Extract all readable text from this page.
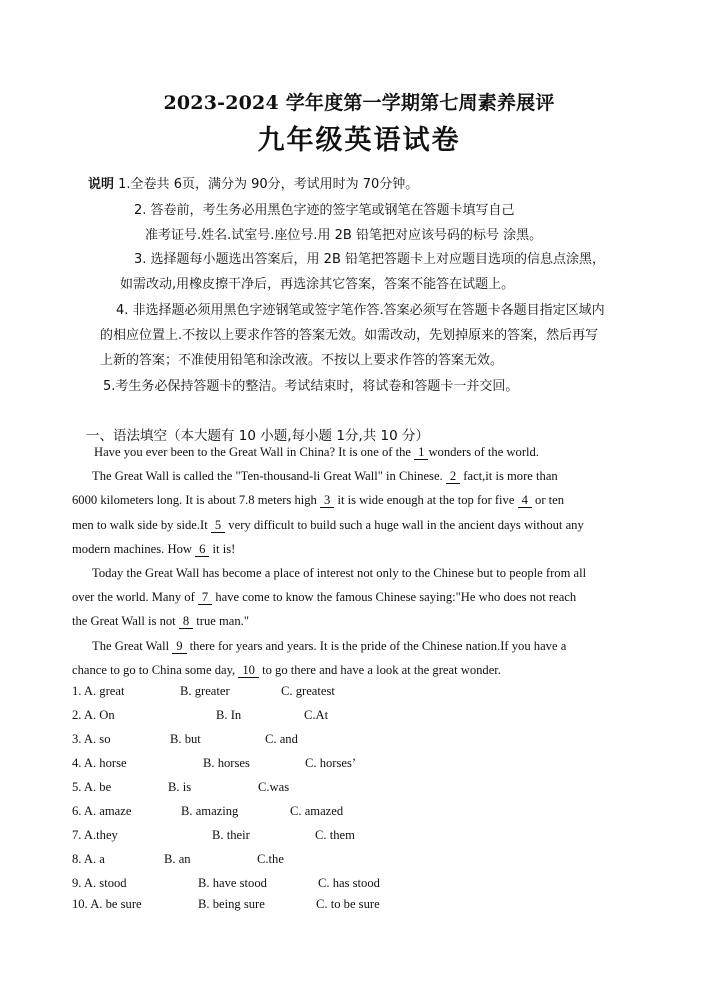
2023-2024 学年度第一学期第七周素养展评
九年级英语试卷
说明 1.全卷共 6页，满分为 90分，考试用时为 70分钟。
2. 答卷前，考生务必用黑色字迹的签字笔或钢笔在答题卡填写自己
准考证号.姓名.试室号.座位号.用 2B 铅笔把对应该号码的标号 涂黑。
3. 选择题每小题选出答案后，用 2B 铅笔把答题卡上对应题目选项的信息点涂黑，
如需改动,用橡皮擦干净后，再选涂其它答案，答案不能答在试题上。
4. 非选择题必须用黑色字迹钢笔或签字笔作答.答案必须写在答题卡各题目指定区域内
的相应位置上.不按以上要求作答的答案无效。如需改动，先划掉原来的答案，然后再写
上新的答案；不准使用铅笔和涂改液。不按以上要求作答的答案无效。
5.考生务必保持答题卡的整洁。考试结束时，将试卷和答题卡一并交回。
一、语法填空（本大题有 10 小题,每小题 1分,共 10 分）
Have you ever been to the Great Wall in China? It is one of the 1 wonders of the world.
The Great Wall is called the "Ten-thousand-li Great Wall" in Chinese. 2 fact,it is more than
6000 kilometers long. It is about 7.8 meters high 3 it is wide enough at the top for five 4 or ten
men to walk side by side.It 5 very difficult to build such a huge wall in the ancient days without any
modern machines. How 6 it is!
Today the Great Wall has become a place of interest not only to the Chinese but to people from all
over the world. Many of 7 have come to know the famous Chinese saying:"He who does not reach
the Great Wall is not 8 true man."
The Great Wall 9 there for years and years. It is the pride of the Chinese nation.If you have a
chance to go to China some day, 10 to go there and have a look at the great wonder.
1. A. great	B. greater	C. greatest
2. A. On	B. In	C.At
3. A. so	B. but	C. and
4. A. horse	B. horses	C. horses’
5. A. be	B. is	C.was
6. A. amaze	B. amazing	C. amazed
7. A.they	B. their	C. them
8. A. a	B. an	C.the
9. A. stood	B. have stood	C. has stood
10. A. be sure	B. being sure	C. to be sure
